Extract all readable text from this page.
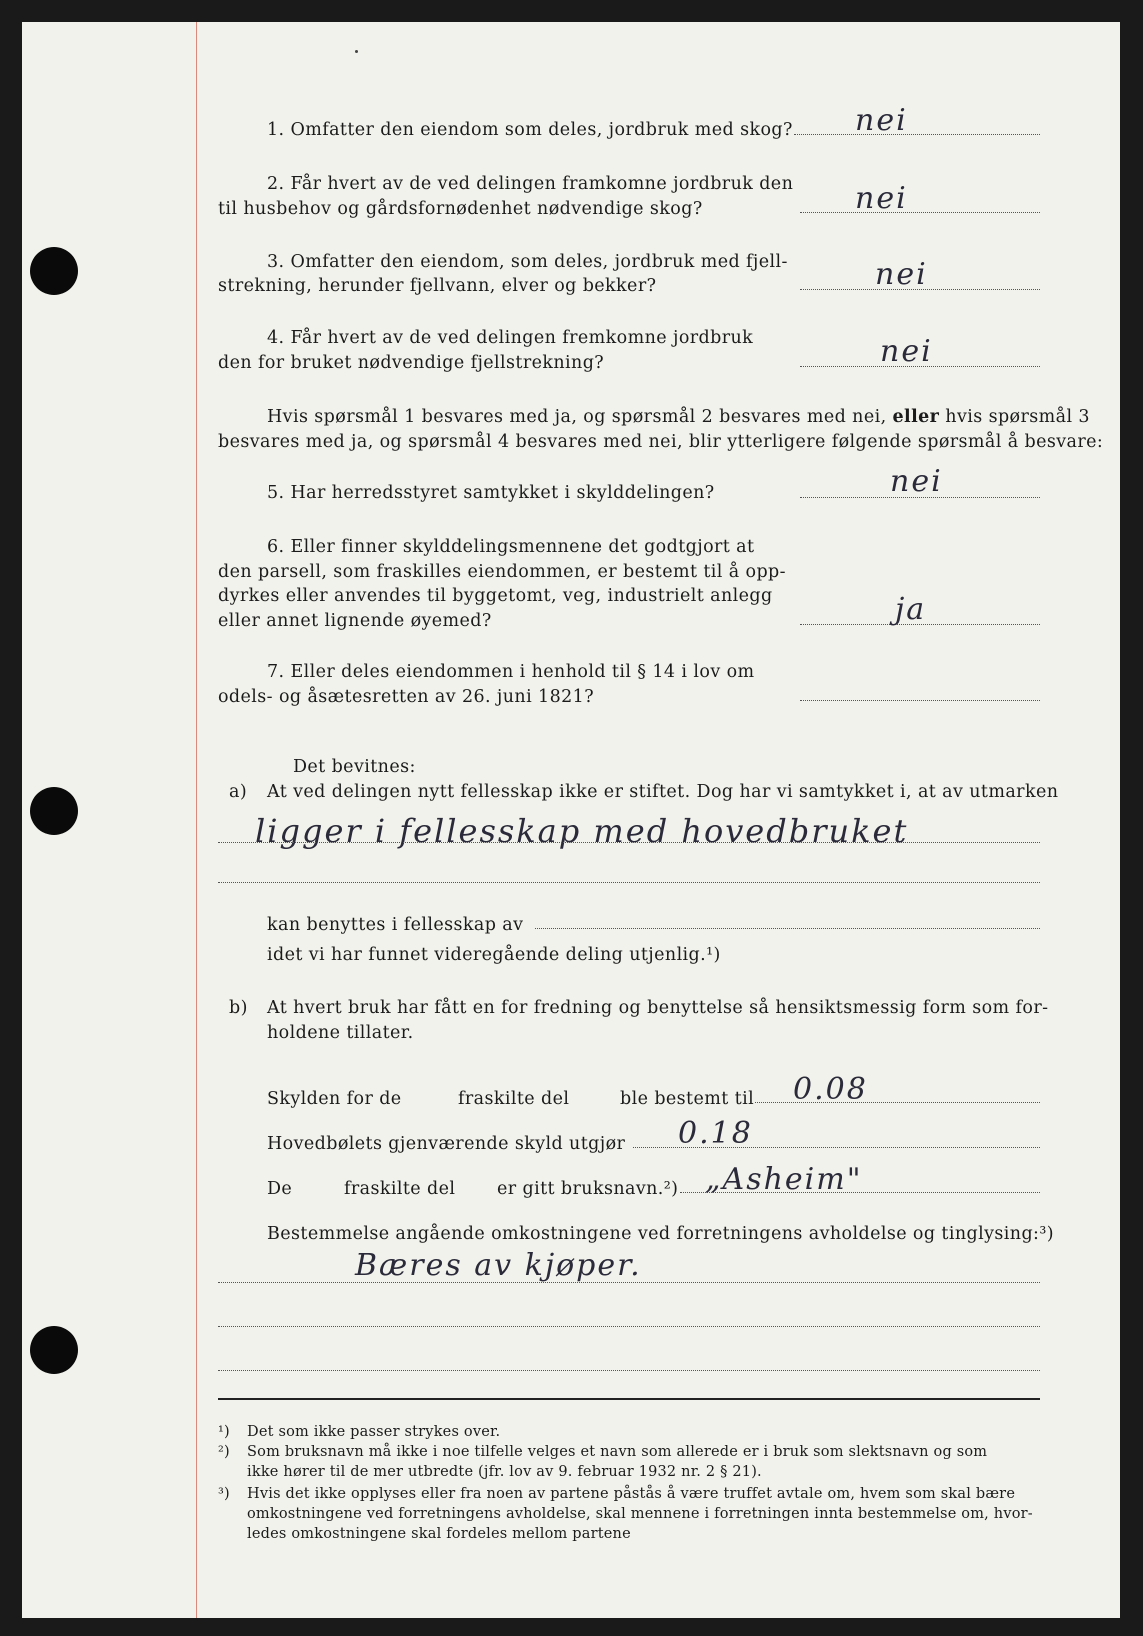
1. Omfatter den eiendom som deles, jordbruk med skog? nei
2. Får hvert av de ved delingen framkomne jordbruk den
til husbehov og gårdsfornødenhet nødvendige skog?	nei
3. Omfatter den eiendom, som deles, jordbruk med fjell-
strekning, herunder fjellvann, elver og bekker?	nei
4. Får hvert av de ved delingen fremkomne jordbruk
den for bruket nødvendige fjellstrekning?	nei
Hvis spørsmål 1 besvares med ja, og spørsmål 2 besvares med nei, eller hvis spørsmål 3
besvares med ja, og spørsmål 4 besvares med nei, blir ytterligere følgende spørsmål å besvare:
5. Har herredsstyret samtykket i skylddelingen?	nei
6. Eller finner skylddelingsmennene det godtgjort at
den parsell, som fraskilles eiendommen, er bestemt til å opp-
dyrkes eller anvendes til byggetomt, veg, industrielt anlegg
eller annet lignende øyemed?	ja
7. Eller deles eiendommen i henhold til § 14 i lov om
odels- og åsætesretten av 26. juni 1821?
Det bevitnes:
a) At ved delingen nytt fellesskap ikke er stiftet. Dog har vi samtykket i, at av utmarken
ligger i fellesskap med hovedbruket
kan benyttes i fellesskap av
idet vi har funnet videregående deling utjenlig.¹)
b) At hvert bruk har fått en for fredning og benyttelse så hensiktsmessig form som for-
holdene tillater.
Skylden for de	fraskilte del	ble bestemt til 0.08
Hovedbølets gjenværende skyld utgjør 0.18
De	fraskilte del er gitt bruksnavn.²) „Asheim"
Bestemmelse angående omkostningene ved forretningens avholdelse og tinglysing:³)
Bæres av kjøper.
¹) Det som ikke passer strykes over.
²) Som bruksnavn må ikke i noe tilfelle velges et navn som allerede er i bruk som slektsnavn og som
ikke hører til de mer utbredte (jfr. lov av 9. februar 1932 nr. 2 § 21).
³) Hvis det ikke opplyses eller fra noen av partene påstås å være truffet avtale om, hvem som skal bære
omkostningene ved forretningens avholdelse, skal mennene i forretningen innta bestemmelse om, hvor-
ledes omkostningene skal fordeles mellom partene
